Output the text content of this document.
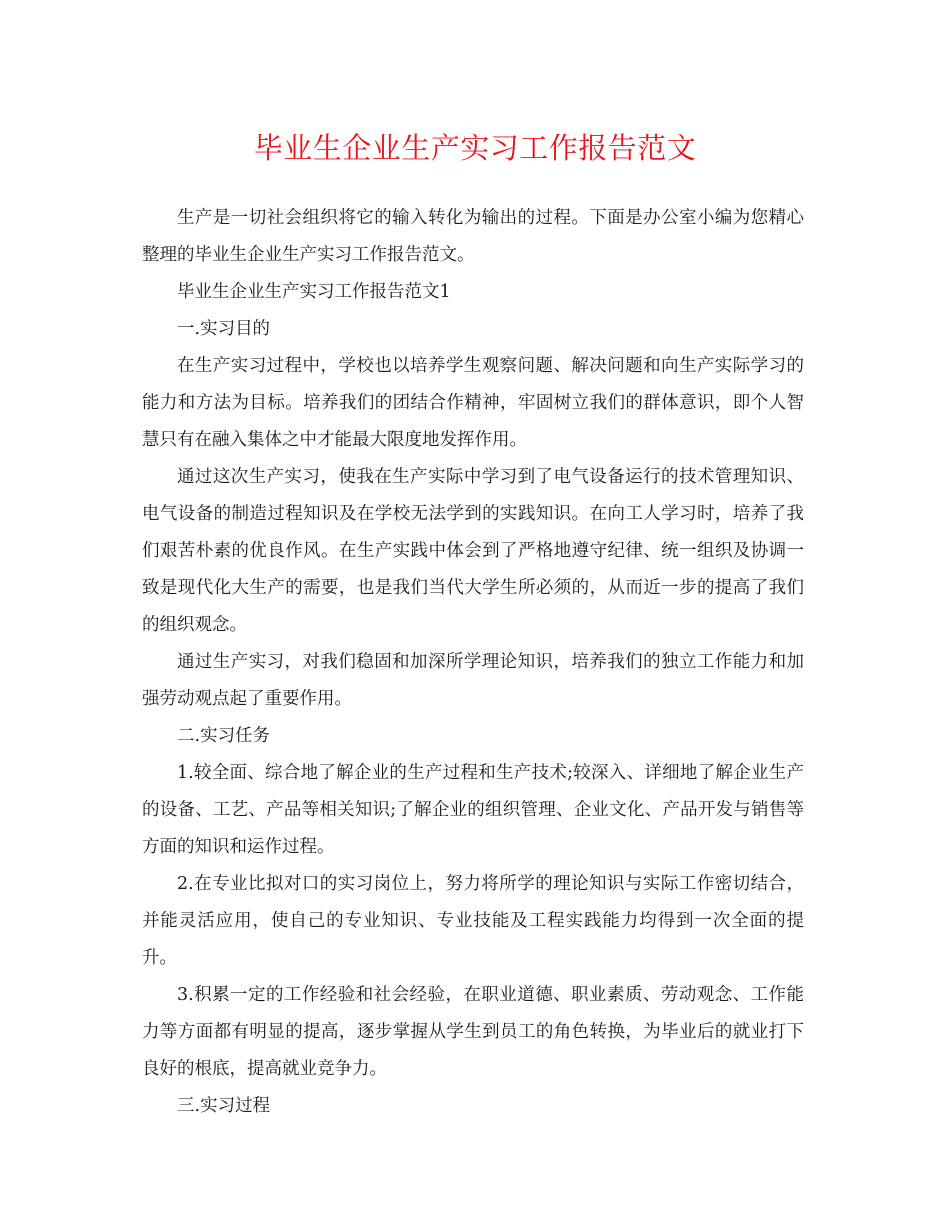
毕业生企业生产实习工作报告范文

生产是一切社会组织将它的输入转化为输出的过程。下面是办公室小编为您精心整理的毕业生企业生产实习工作报告范文。

毕业生企业生产实习工作报告范文1

一.实习目的

在生产实习过程中，学校也以培养学生观察问题、解决问题和向生产实际学习的能力和方法为目标。培养我们的团结合作精神，牢固树立我们的群体意识，即个人智慧只有在融入集体之中才能最大限度地发挥作用。

通过这次生产实习，使我在生产实际中学习到了电气设备运行的技术管理知识、电气设备的制造过程知识及在学校无法学到的实践知识。在向工人学习时，培养了我们艰苦朴素的优良作风。在生产实践中体会到了严格地遵守纪律、统一组织及协调一致是现代化大生产的需要，也是我们当代大学生所必须的，从而近一步的提高了我们的组织观念。

通过生产实习，对我们稳固和加深所学理论知识，培养我们的独立工作能力和加强劳动观点起了重要作用。

二.实习任务

1.较全面、综合地了解企业的生产过程和生产技术;较深入、详细地了解企业生产的设备、工艺、产品等相关知识;了解企业的组织管理、企业文化、产品开发与销售等方面的知识和运作过程。

2.在专业比拟对口的实习岗位上，努力将所学的理论知识与实际工作密切结合，并能灵活应用，使自己的专业知识、专业技能及工程实践能力均得到一次全面的提升。

3.积累一定的工作经验和社会经验，在职业道德、职业素质、劳动观念、工作能力等方面都有明显的提高，逐步掌握从学生到员工的角色转换，为毕业后的就业打下良好的根底，提高就业竞争力。

三.实习过程
